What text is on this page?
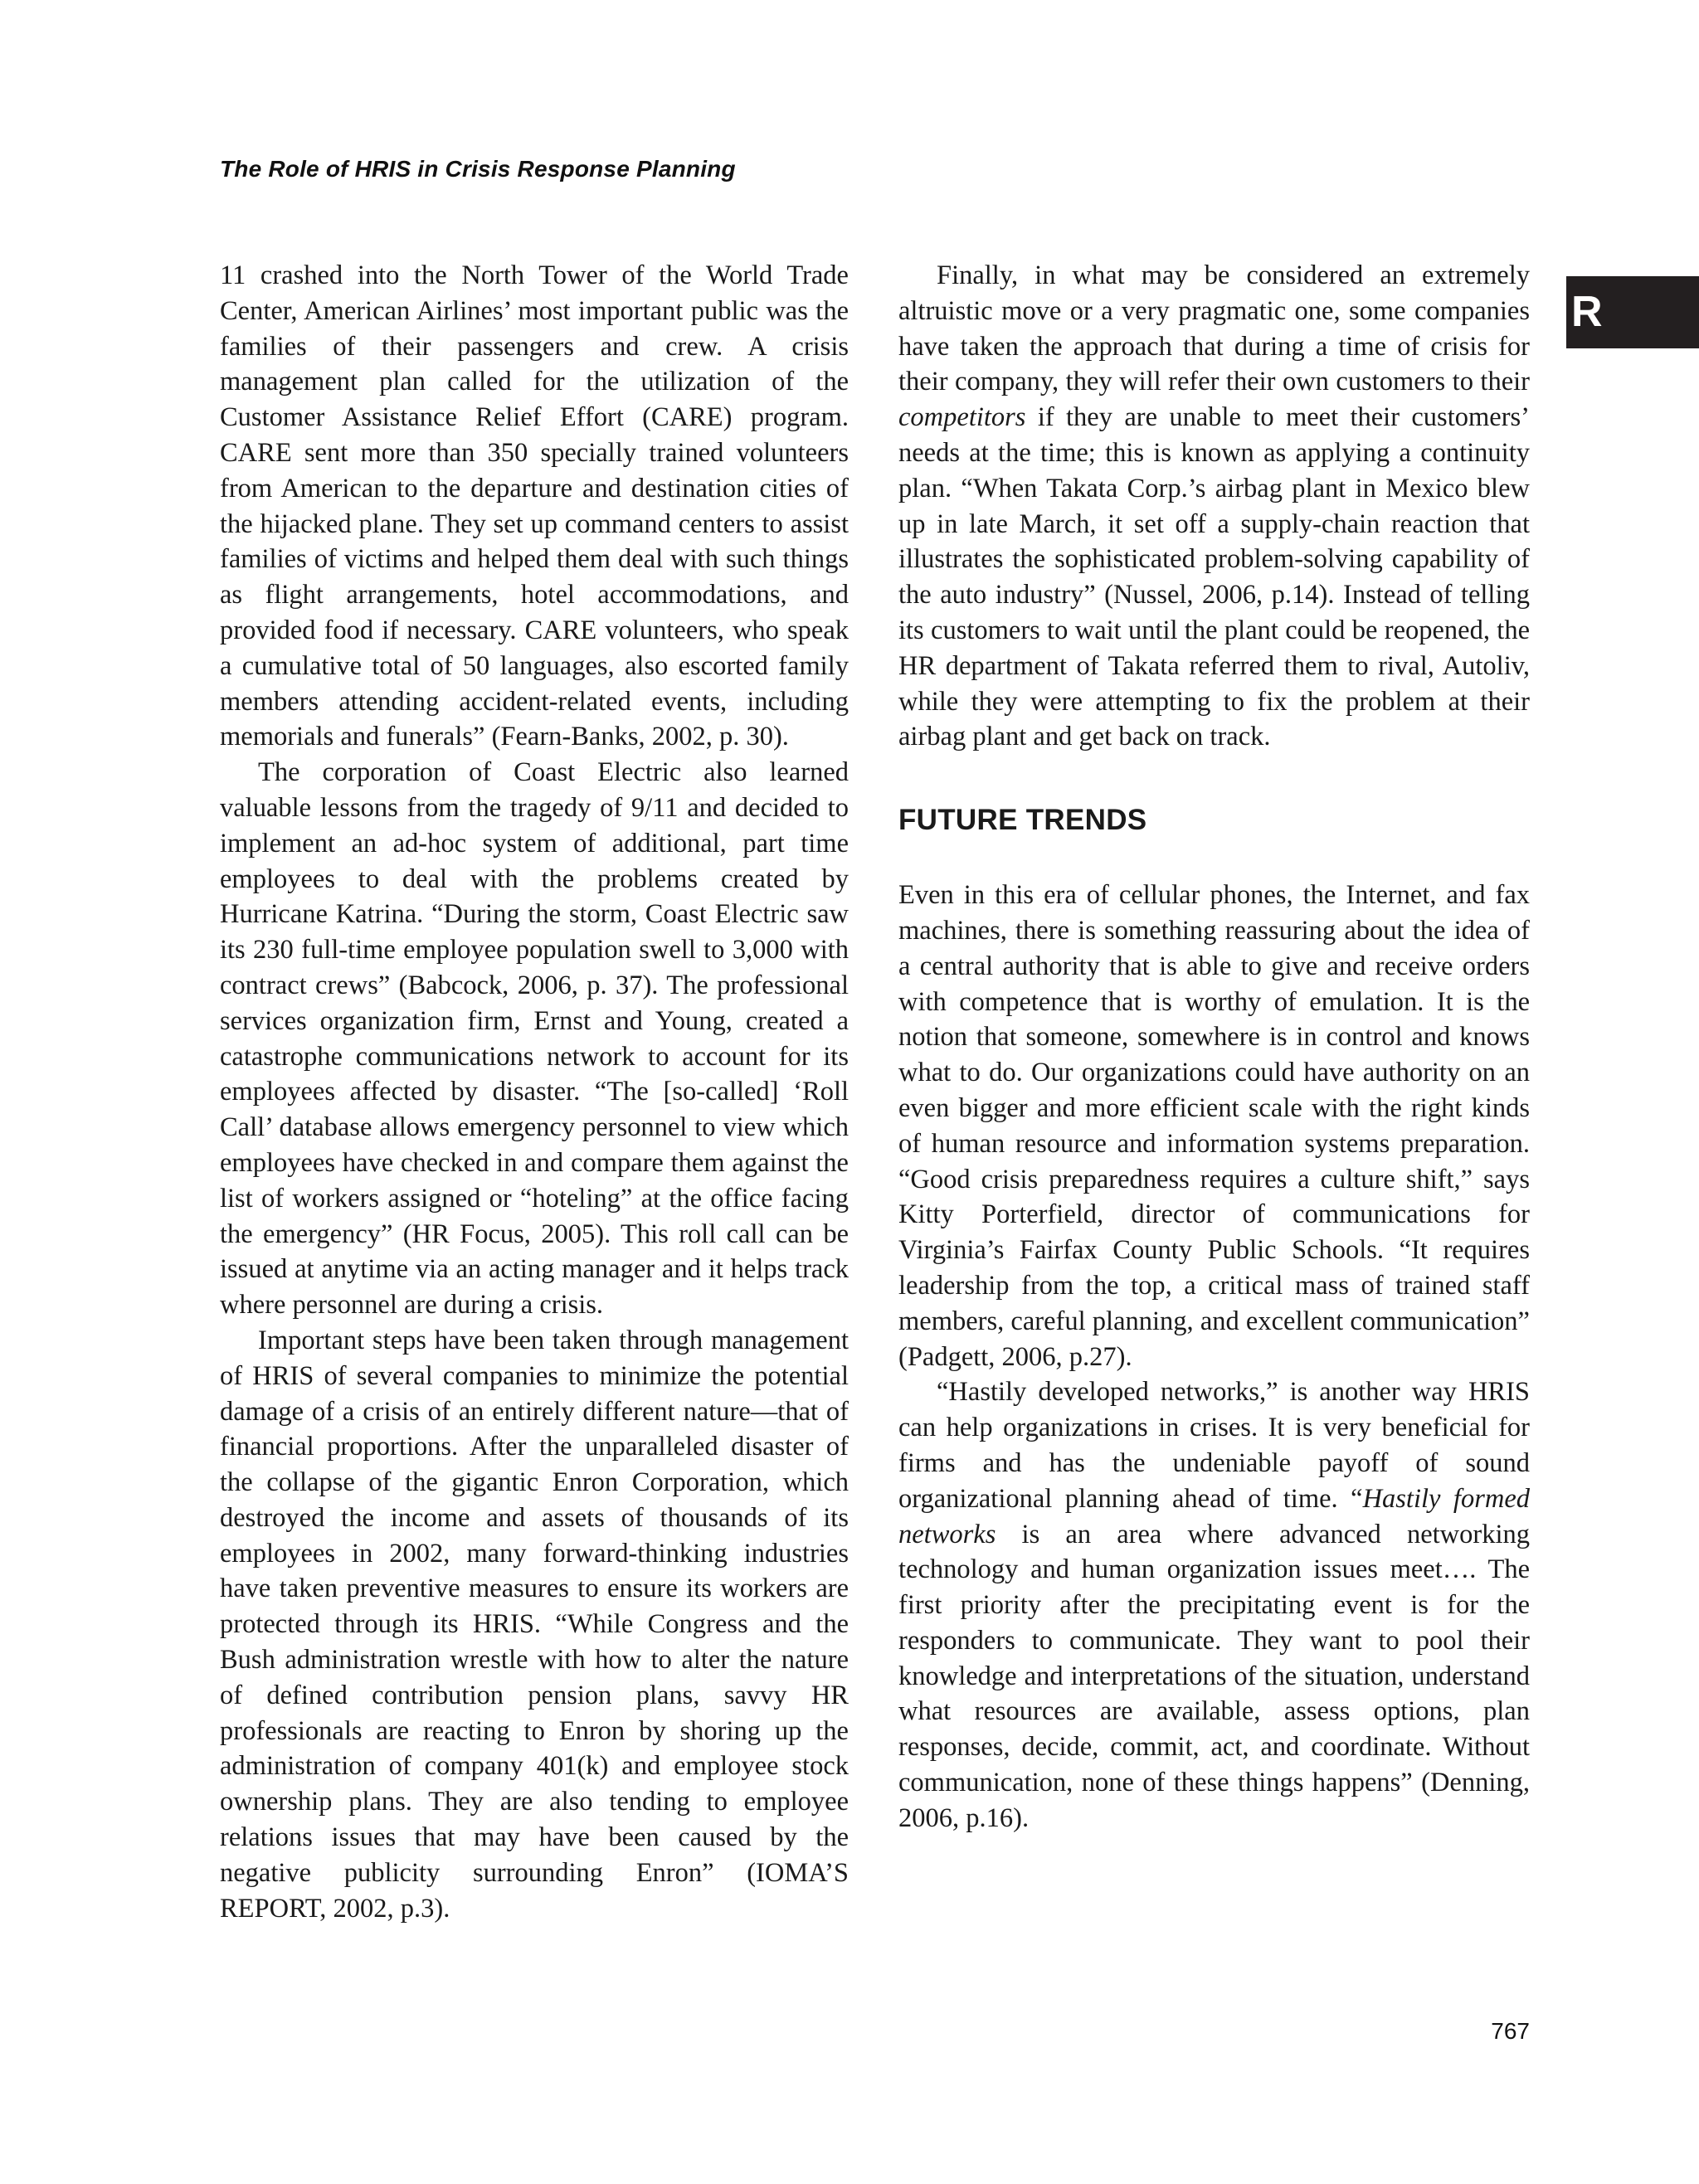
The Role of HRIS in Crisis Response Planning
R

11 crashed into the North Tower of the World Trade Center, American Airlines’ most important public was the families of their passengers and crew. A crisis management plan called for the utilization of the Customer Assistance Relief Effort (CARE) program. CARE sent more than 350 specially trained volunteers from American to the departure and destination cities of the hijacked plane. They set up command centers to assist families of victims and helped them deal with such things as flight arrangements, hotel accommodations, and provided food if necessary. CARE volunteers, who speak a cumulative total of 50 languages, also escorted family members attending accident-related events, including memorials and funerals” (Fearn-Banks, 2002, p. 30).

The corporation of Coast Electric also learned valuable lessons from the tragedy of 9/11 and decided to implement an ad-hoc system of additional, part time employees to deal with the problems created by Hurricane Katrina. “During the storm, Coast Electric saw its 230 full-time employee population swell to 3,000 with contract crews” (Babcock, 2006, p. 37). The professional services organization firm, Ernst and Young, created a catastrophe communications network to account for its employees affected by disaster. “The [so-called] ‘Roll Call’ database allows emergency personnel to view which employees have checked in and compare them against the list of workers assigned or “hoteling” at the office facing the emergency” (HR Focus, 2005). This roll call can be issued at anytime via an acting manager and it helps track where personnel are during a crisis.

Important steps have been taken through management of HRIS of several companies to minimize the potential damage of a crisis of an entirely different nature—that of financial proportions. After the unparalleled disaster of the collapse of the gigantic Enron Corporation, which destroyed the income and assets of thousands of its employees in 2002, many forward-thinking industries have taken preventive measures to ensure its workers are protected through its HRIS. “While Congress and the Bush administration wrestle with how to alter the nature of defined contribution pension plans, savvy HR professionals are reacting to Enron by shoring up the administration of company 401(k) and employee stock ownership plans. They are also tending to employee relations issues that may have been caused by the negative publicity surrounding Enron” (IOMA’S REPORT, 2002, p.3).

Finally, in what may be considered an extremely altruistic move or a very pragmatic one, some companies have taken the approach that during a time of crisis for their company, they will refer their own customers to their competitors if they are unable to meet their customers’ needs at the time; this is known as applying a continuity plan. “When Takata Corp.’s airbag plant in Mexico blew up in late March, it set off a supply-chain reaction that illustrates the sophisticated problem-solving capability of the auto industry” (Nussel, 2006, p.14). Instead of telling its customers to wait until the plant could be reopened, the HR department of Takata referred them to rival, Autoliv, while they were attempting to fix the problem at their airbag plant and get back on track.

FUTURE TRENDS

Even in this era of cellular phones, the Internet, and fax machines, there is something reassuring about the idea of a central authority that is able to give and receive orders with competence that is worthy of emulation. It is the notion that someone, somewhere is in control and knows what to do. Our organizations could have authority on an even bigger and more efficient scale with the right kinds of human resource and information systems preparation. “Good crisis preparedness requires a culture shift,” says Kitty Porterfield, director of communications for Virginia’s Fairfax County Public Schools. “It requires leadership from the top, a critical mass of trained staff members, careful planning, and excellent communication” (Padgett, 2006, p.27).

“Hastily developed networks,” is another way HRIS can help organizations in crises. It is very beneficial for firms and has the undeniable payoff of sound organizational planning ahead of time. “Hastily formed networks is an area where advanced networking technology and human organization issues meet…. The first priority after the precipitating event is for the responders to communicate. They want to pool their knowledge and interpretations of the situation, understand what resources are available, assess options, plan responses, decide, commit, act, and coordinate. Without communication, none of these things happens” (Denning, 2006, p.16).

767
